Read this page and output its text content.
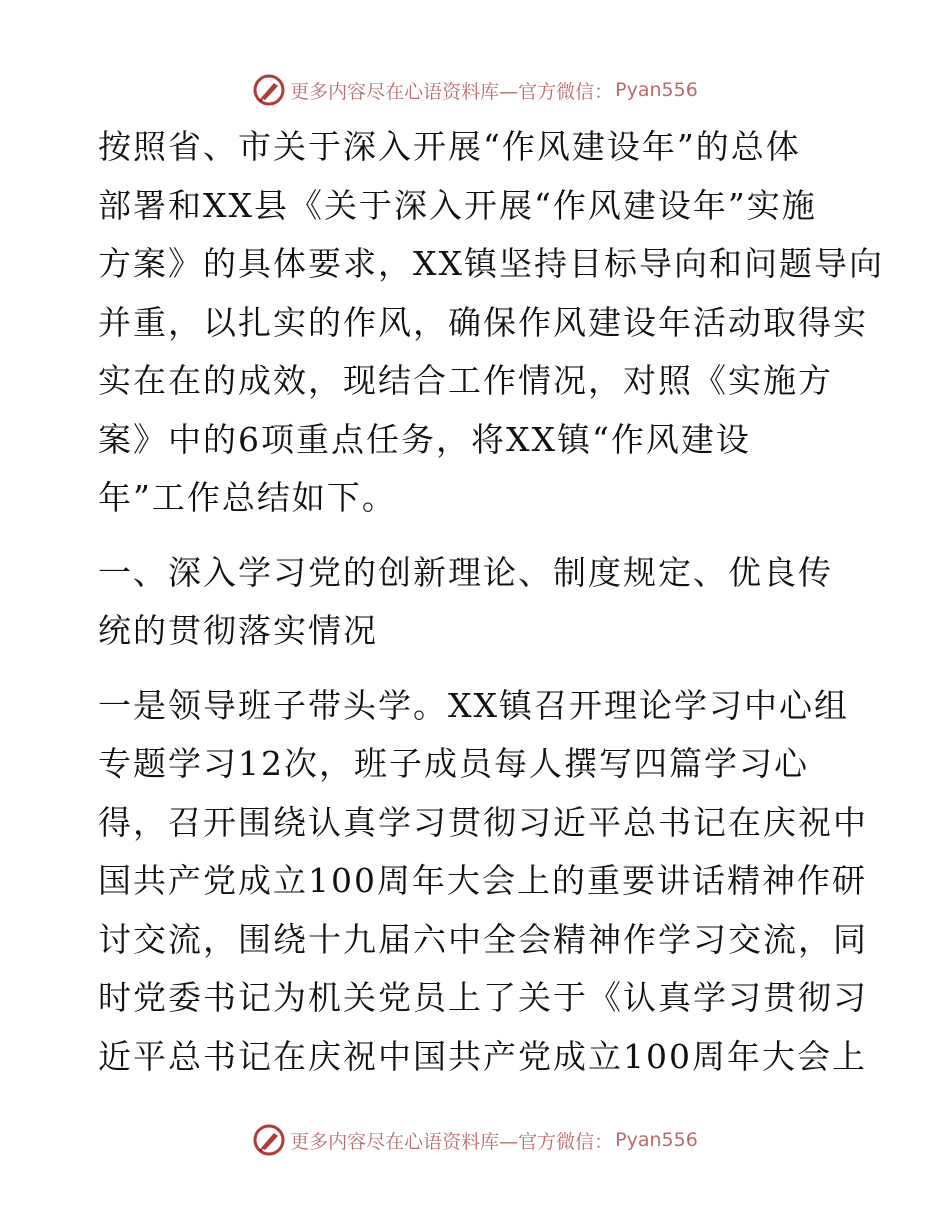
更多内容尽在心语资料库—官方微信： Pyan556

按照省、市关于深入开展“作风建设年”的总体
部署和XX县《关于深入开展“作风建设年”实施
方案》的具体要求，XX镇坚持目标导向和问题导向
并重，以扎实的作风，确保作风建设年活动取得实
实在在的成效，现结合工作情况，对照《实施方
案》中的6项重点任务，将XX镇“作风建设
年”工作总结如下。

一、深入学习党的创新理论、制度规定、优良传
统的贯彻落实情况

一是领导班子带头学。XX镇召开理论学习中心组
专题学习12次，班子成员每人撰写四篇学习心
得，召开围绕认真学习贯彻习近平总书记在庆祝中
国共产党成立100周年大会上的重要讲话精神作研
讨交流，围绕十九届六中全会精神作学习交流，同
时党委书记为机关党员上了关于《认真学习贯彻习
近平总书记在庆祝中国共产党成立100周年大会上

更多内容尽在心语资料库—官方微信： Pyan556
